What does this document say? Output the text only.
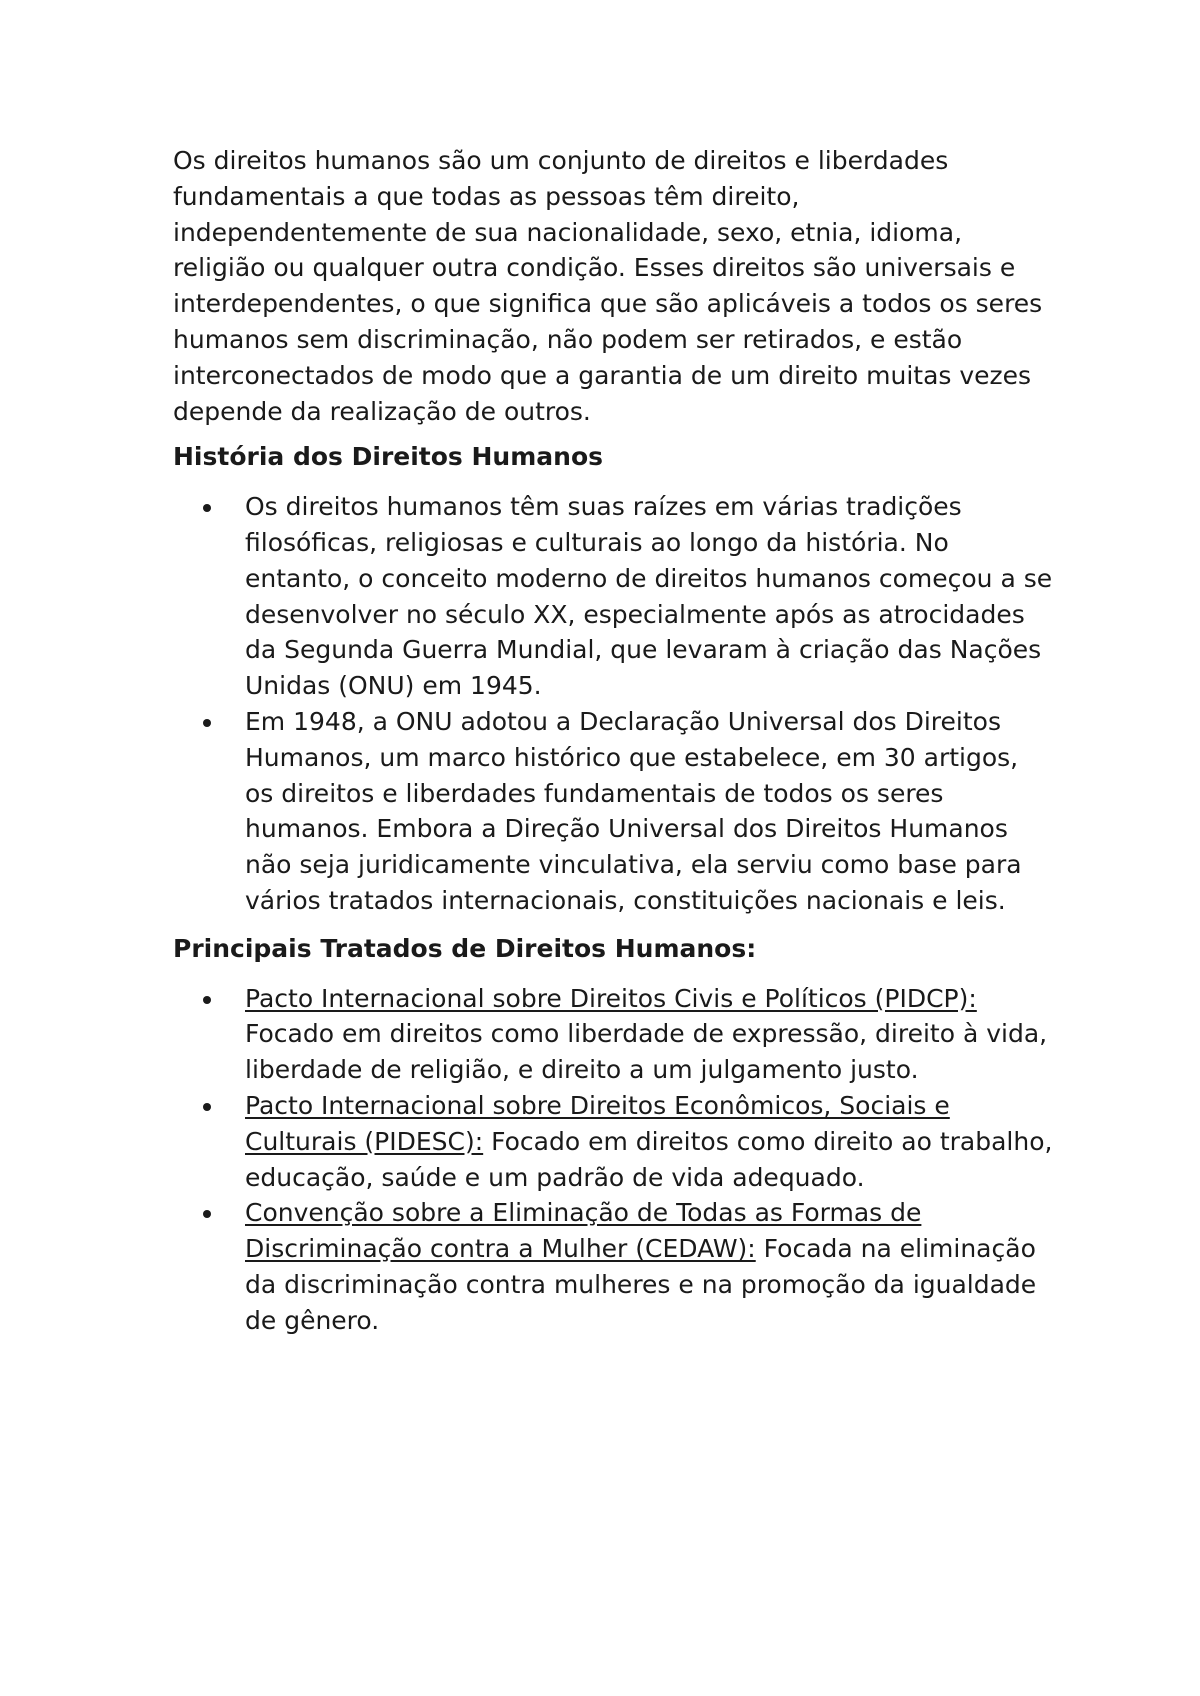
Os direitos humanos são um conjunto de direitos e liberdades fundamentais a que todas as pessoas têm direito, independentemente de sua nacionalidade, sexo, etnia, idioma, religião ou qualquer outra condição. Esses direitos são universais e interdependentes, o que significa que são aplicáveis a todos os seres humanos sem discriminação, não podem ser retirados, e estão interconectados de modo que a garantia de um direito muitas vezes depende da realização de outros.

História dos Direitos Humanos
Os direitos humanos têm suas raízes em várias tradições filosóficas, religiosas e culturais ao longo da história. No entanto, o conceito moderno de direitos humanos começou a se desenvolver no século XX, especialmente após as atrocidades da Segunda Guerra Mundial, que levaram à criação das Nações Unidas (ONU) em 1945.
Em 1948, a ONU adotou a Declaração Universal dos Direitos Humanos, um marco histórico que estabelece, em 30 artigos, os direitos e liberdades fundamentais de todos os seres humanos. Embora a Direção Universal dos Direitos Humanos não seja juridicamente vinculativa, ela serviu como base para vários tratados internacionais, constituições nacionais e leis.
Principais Tratados de Direitos Humanos:
Pacto Internacional sobre Direitos Civis e Políticos (PIDCP): Focado em direitos como liberdade de expressão, direito à vida, liberdade de religião, e direito a um julgamento justo.
Pacto Internacional sobre Direitos Econômicos, Sociais e Culturais (PIDESC): Focado em direitos como direito ao trabalho, educação, saúde e um padrão de vida adequado.
Convenção sobre a Eliminação de Todas as Formas de Discriminação contra a Mulher (CEDAW): Focada na eliminação da discriminação contra mulheres e na promoção da igualdade de gênero.
